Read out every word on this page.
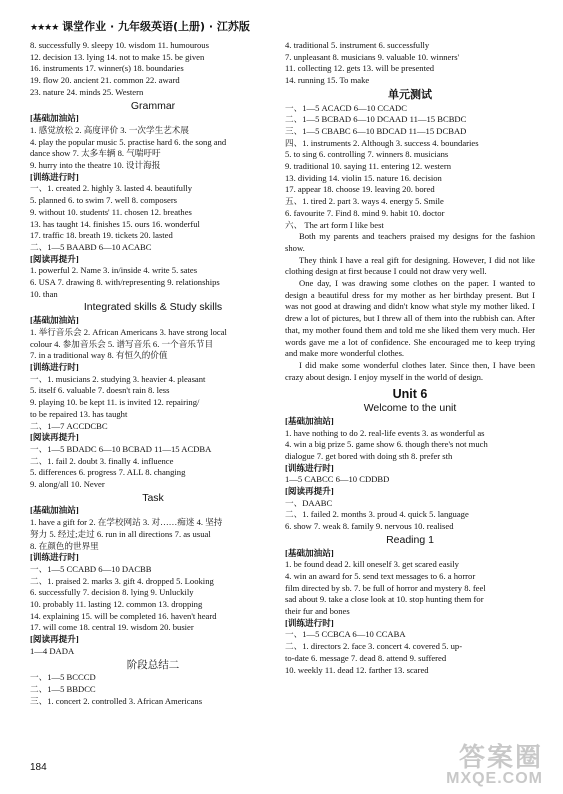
★★★★ 课堂作业 · 九年级英语(上册) · 江苏版
8. successfully 9. sleepy 10. wisdom 11. humourous
12. decision 13. lying 14. not to make 15. be given
16. instruments 17. winner(s) 18. boundaries
19. flow 20. ancient 21. common 22. award
23. nature 24. minds 25. Western
Grammar
[基础加油站]
1. 感觉放松 2. 高度评价 3. 一次学生艺术展
4. play the popular music 5. practise hard 6. the song and
dance show 7. 太多车辆 8. 气喘吁吁
9. hurry into the theatre 10. 设计海报
[训练进行时]
一、1. created 2. highly 3. lasted 4. beautifully
5. planned 6. to swim 7. well 8. composers
9. without 10. students' 11. chosen 12. breathes
13. has taught 14. finishes 15. ours 16. wonderful
17. traffic 18. breath 19. tickets 20. lasted
二、1—5 BAABD 6—10 ACABC
[阅读再提升]
1. powerful 2. Name 3. in/inside 4. write 5. sates
6. USA 7. drawing 8. with/representing 9. relationships
10. than
Integrated skills & Study skills
[基础加油站]
1. 举行音乐会 2. African Americans 3. have strong local
colour 4. 参加音乐会 5. 谱写音乐 6. 一个音乐节目
7. in a traditional way 8. 有恒久的价值
[训练进行时]
一、1. musicians 2. studying 3. heavier 4. pleasant
5. itself 6. valuable 7. doesn't rain 8. less
9. playing 10. be kept 11. is invited 12. repairing/
to be repaired 13. has taught
二、1—7 ACCDCBC
[阅读再提升]
一、1—5 BDADC 6—10 BCBAD 11—15 ACDBA
二、1. fail 2. doubt 3. finally 4. influence
5. differences 6. progress 7. ALL 8. changing
9. along/all 10. Never
Task
[基础加油站]
1. have a gift for 2. 在学校网站 3. 对……痴迷 4. 坚持
努力 5. 经过;走过 6. run in all directions 7. as usual
8. 在颜色的世界里
[训练进行时]
一、1—5 CCABD 6—10 DACBB
二、1. praised 2. marks 3. gift 4. dropped 5. Looking
6. successfully 7. decision 8. lying 9. Unluckily
10. probably 11. lasting 12. common 13. dropping
14. explaining 15. will be completed 16. haven't heard
17. will come 18. central 19. wisdom 20. busier
[阅读再提升]
1—4 DADA
阶段总结二
一、1—5 BCCCD
二、1—5 BBDCC
三、1. concert 2. controlled 3. African Americans
4. traditional 5. instrument 6. successfully
7. unpleasant 8. musicians 9. valuable 10. winners'
11. collecting 12. gets 13. will be presented
14. running 15. To make
单元测试
一、1—5 ACACD 6—10 CCADC
二、1—5 BCBAD 6—10 DCAAD 11—15 BCBDC
三、1—5 CBABC 6—10 BDCAD 11—15 DCBAD
四、1. instruments 2. Although 3. success 4. boundaries
5. to sing 6. controlling 7. winners 8. musicians
9. traditional 10. saying 11. entering 12. western
13. dividing 14. violin 15. nature 16. decision
17. appear 18. choose 19. leaving 20. bored
五、1. tired 2. part 3. ways 4. energy 5. Smile
6. favourite 7. Find 8. mind 9. habit 10. doctor
六、 The art form I like best

Both my parents and teachers praised my designs for the fashion show.

They think I have a real gift for designing. However, I did not like clothing design at first because I could not draw very well.

One day, I was drawing some clothes on the paper. I wanted to design a beautiful dress for my mother as her birthday present. But I was not good at drawing and didn't know what style my mother liked. I drew a lot of pictures, but I threw all of them into the rubbish can. After that, my mother found them and told me she liked them very much. Her words gave me a lot of confidence. She encouraged me to keep trying and make more wonderful clothes.

I did make some wonderful clothes later. Since then, I have been crazy about design. I enjoy myself in the world of design.

Unit 6
Welcome to the unit
[基础加油站]
1. have nothing to do 2. real-life events 3. as wonderful as
4. win a big prize 5. game show 6. though there's not much
dialogue 7. get bored with doing sth 8. prefer sth
[训练进行时]
1—5 CABCC 6—10 CDDBD
[阅读再提升]
一、DAABC
二、1. failed 2. months 3. proud 4. quick 5. language
6. show 7. weak 8. family 9. nervous 10. realised
Reading 1
[基础加油站]
1. be found dead 2. kill oneself 3. get scared easily
4. win an award for 5. send text messages to 6. a horror
film directed by sb. 7. be full of horror and mystery 8. feel
sad about 9. take a close look at 10. stop hunting them for
their fur and bones
[训练进行时]
一、1—5 CCBCA 6—10 CCABA
二、1. directors 2. face 3. concert 4. covered 5. up-
to-date 6. message 7. dead 8. attend 9. suffered
10. weekly 11. dead 12. farther 13. scared
184	答案圈
MXQE.COM
